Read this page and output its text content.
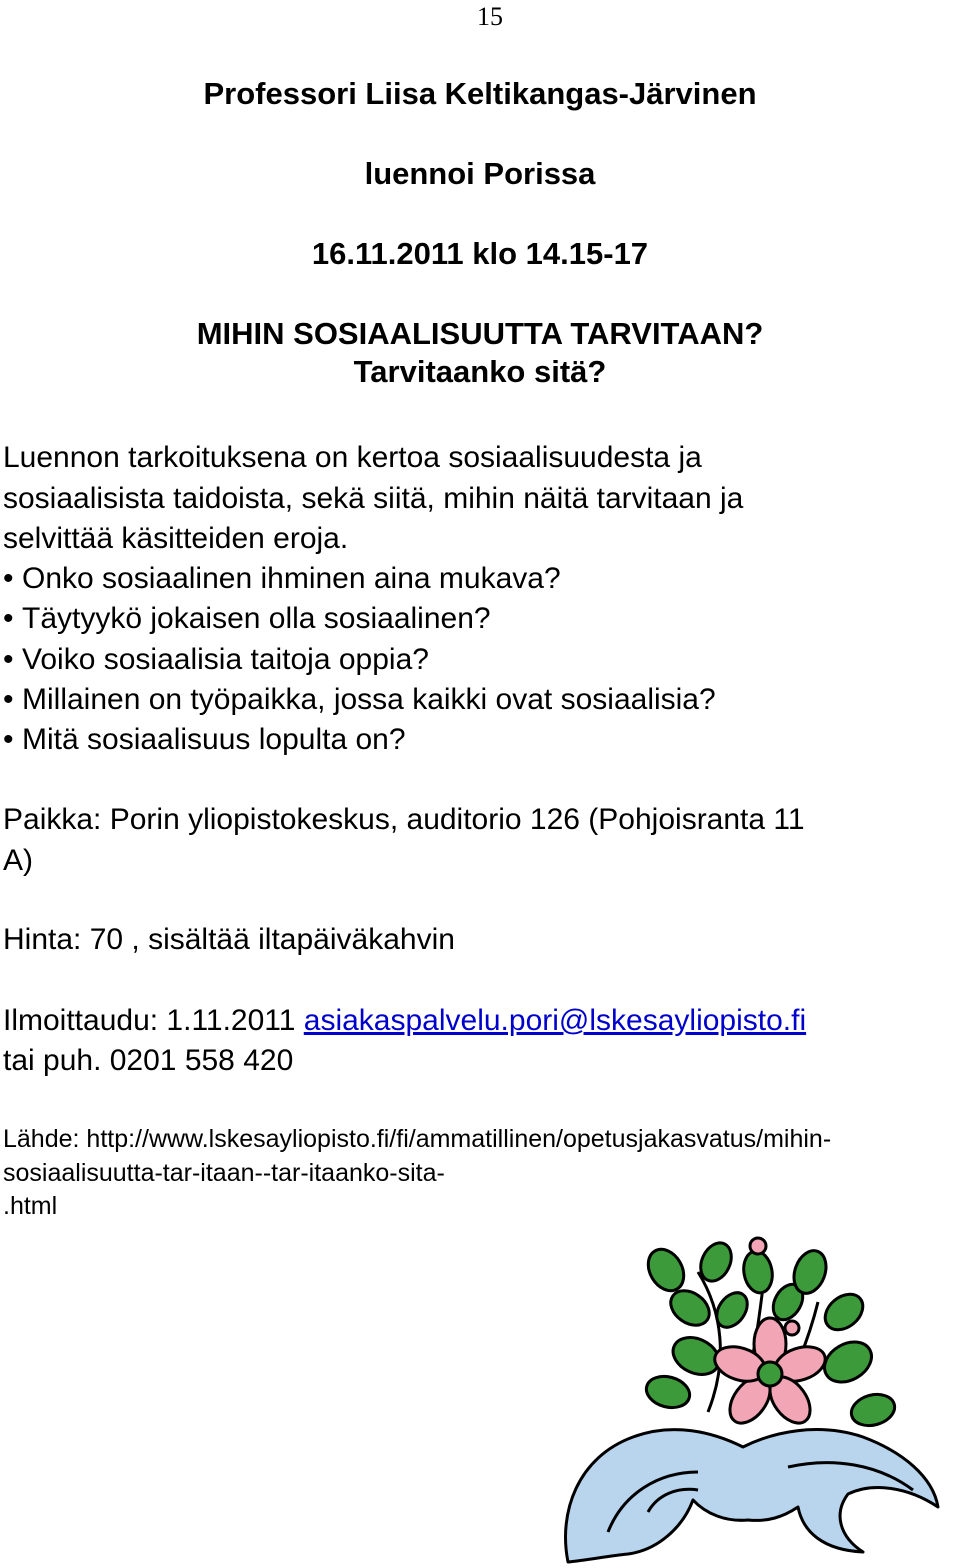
15
Professori Liisa Keltikangas-Järvinen
luennoi Porissa
16.11.2011 klo 14.15-17
MIHIN SOSIAALISUUTTA TARVITAAN?
Tarvitaanko sitä?
Luennon tarkoituksena on kertoa sosiaalisuudesta ja
sosiaalisista taidoista, sekä siitä, mihin näitä tarvitaan ja
selvittää käsitteiden eroja.
• Onko sosiaalinen ihminen aina mukava?
• Täytyykö jokaisen olla sosiaalinen?
• Voiko sosiaalisia taitoja oppia?
• Millainen on työpaikka, jossa kaikki ovat sosiaalisia?
• Mitä sosiaalisuus lopulta on?
Paikka: Porin yliopistokeskus, auditorio 126 (Pohjoisranta 11
A)
Hinta: 70 , sisältää iltapäiväkahvin
Ilmoittaudu: 1.11.2011 asiakaspalvelu.pori@lskesayliopisto.fi
tai puh. 0201 558 420
Lähde: http://www.lskesayliopisto.fi/fi/ammatillinen/opetusjakasvatus/mihin-
sosiaalisuutta-tar-itaan--tar-itaanko-sita-
.html
